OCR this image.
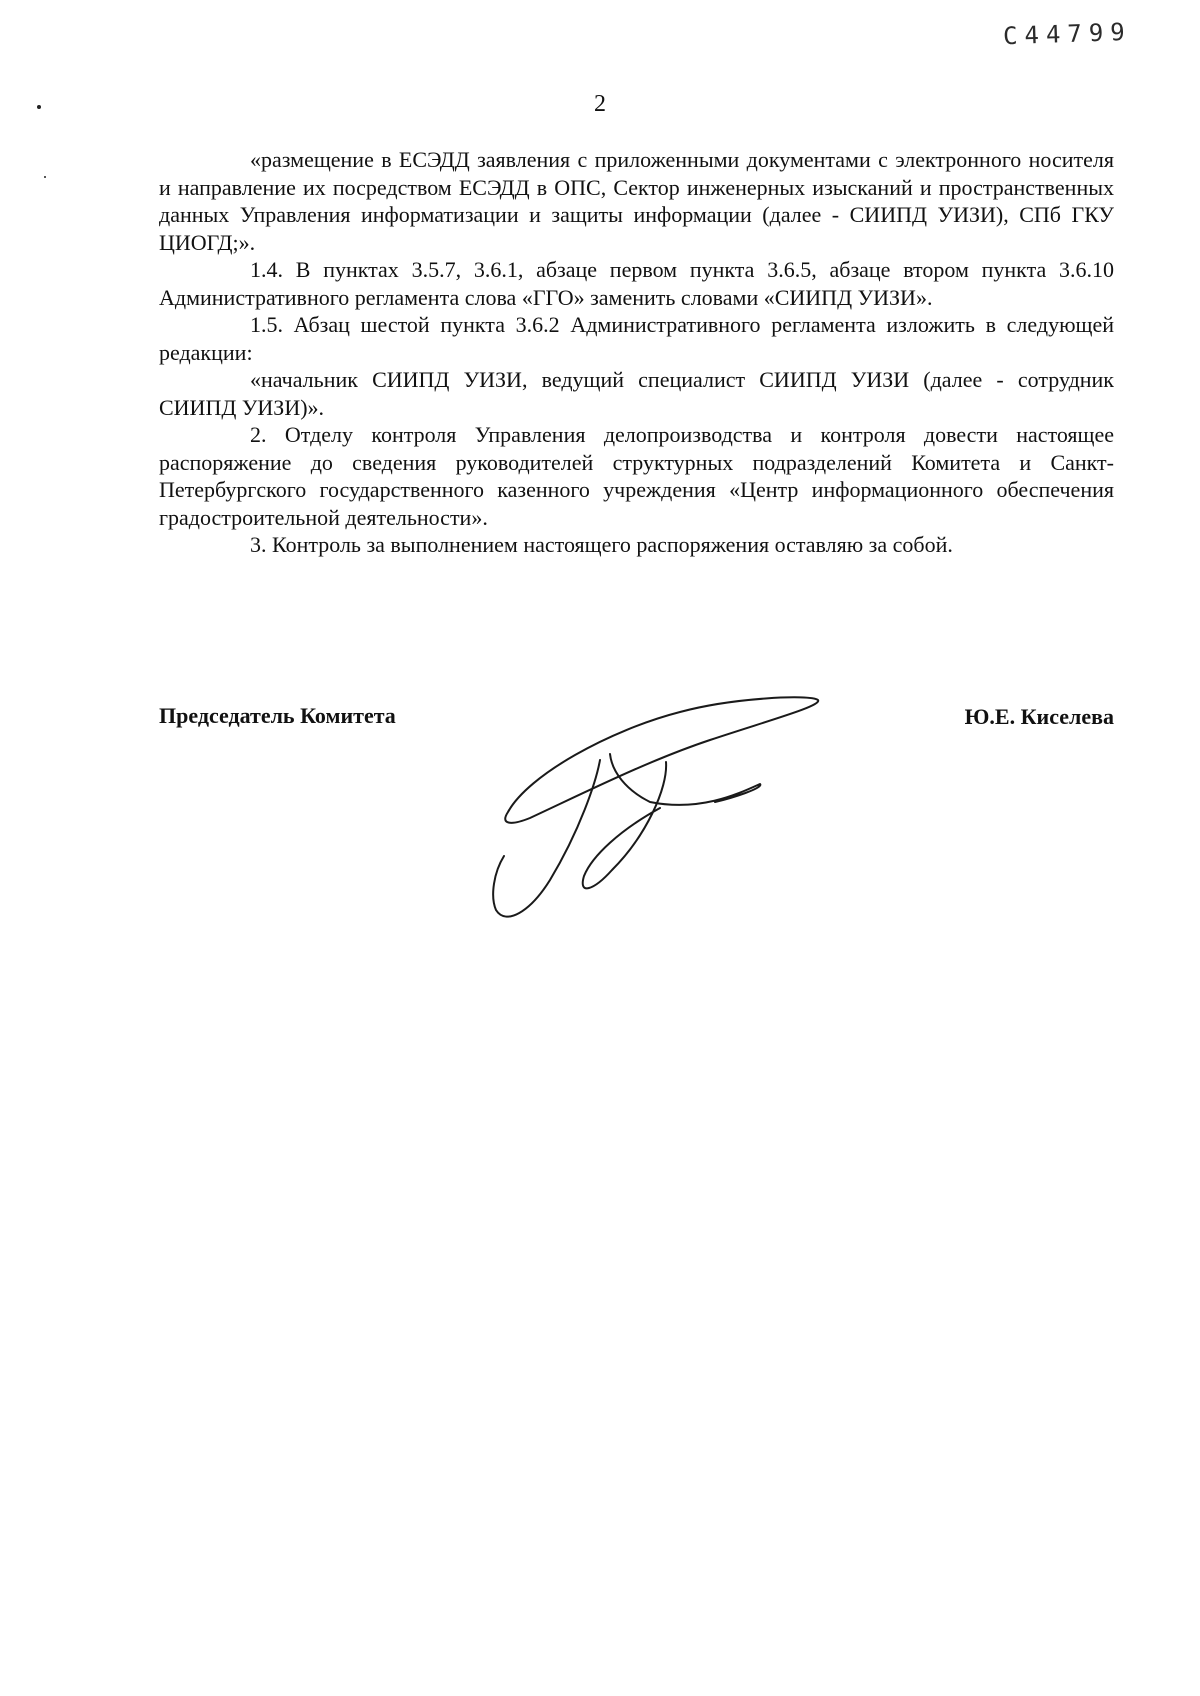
C44799
2

«размещение в ЕСЭДД заявления с приложенными документами с электронного носителя и направление их посредством ЕСЭДД в ОПС, Сектор инженерных изысканий и пространственных данных Управления информатизации и защиты информации (далее - СИИПД УИЗИ), СПб ГКУ ЦИОГД;».

1.4. В пунктах 3.5.7, 3.6.1, абзаце первом пункта 3.6.5, абзаце втором пункта 3.6.10 Административного регламента слова «ГГО» заменить словами «СИИПД УИЗИ».

1.5. Абзац шестой пункта 3.6.2 Административного регламента изложить в следующей редакции:

«начальник СИИПД УИЗИ, ведущий специалист СИИПД УИЗИ (далее - сотрудник СИИПД УИЗИ)».

2. Отделу контроля Управления делопроизводства и контроля довести настоящее распоряжение до сведения руководителей структурных подразделений Комитета и Санкт-Петербургского государственного казенного учреждения «Центр информационного обеспечения градостроительной деятельности».

3. Контроль за выполнением настоящего распоряжения оставляю за собой.

Председатель Комитета	Ю.Е. Киселева
